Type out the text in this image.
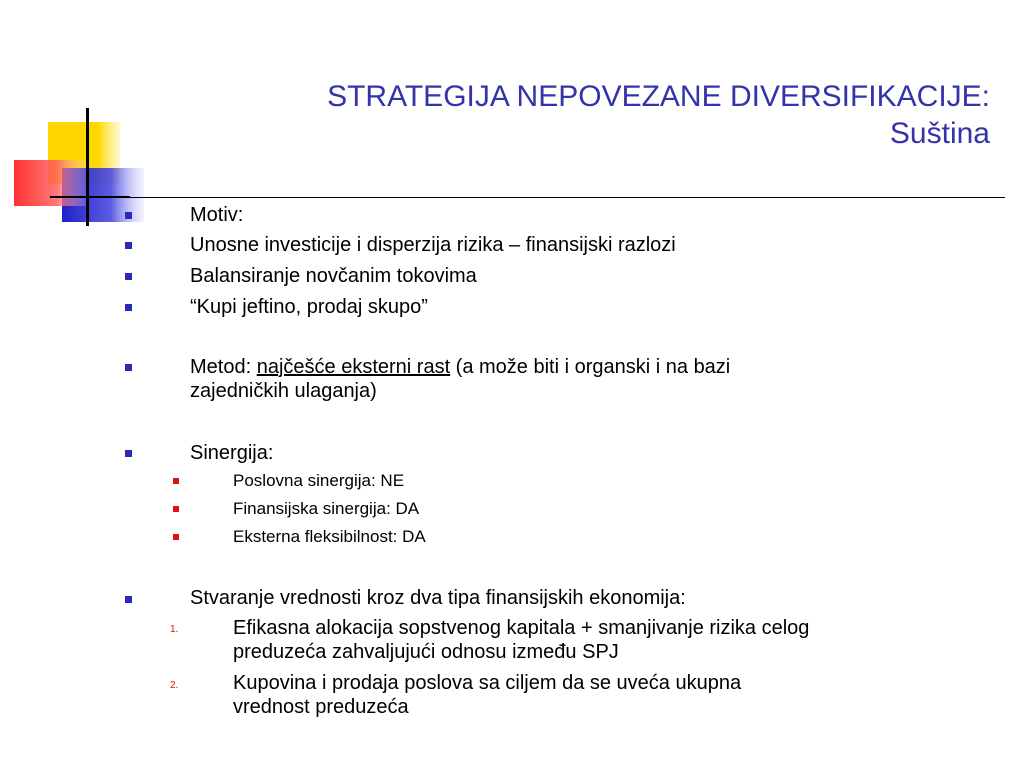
STRATEGIJA NEPOVEZANE DIVERSIFIKACIJE:
Suština
Motiv:
Unosne investicije i disperzija rizika – finansijski razlozi
Balansiranje novčanim tokovima
“Kupi jeftino, prodaj skupo”
Metod: najčešće eksterni rast (a može biti i organski i na bazi
zajedničkih ulaganja)
Sinergija:
Poslovna sinergija: NE
Finansijska sinergija: DA
Eksterna fleksibilnost: DA
Stvaranje vrednosti kroz dva tipa finansijskih ekonomija:
1.	Efikasna alokacija sopstvenog kapitala + smanjivanje rizika celog
preduzeća zahvaljujući odnosu između SPJ
2.	Kupovina i prodaja poslova sa ciljem da se uveća ukupna
vrednost preduzeća
